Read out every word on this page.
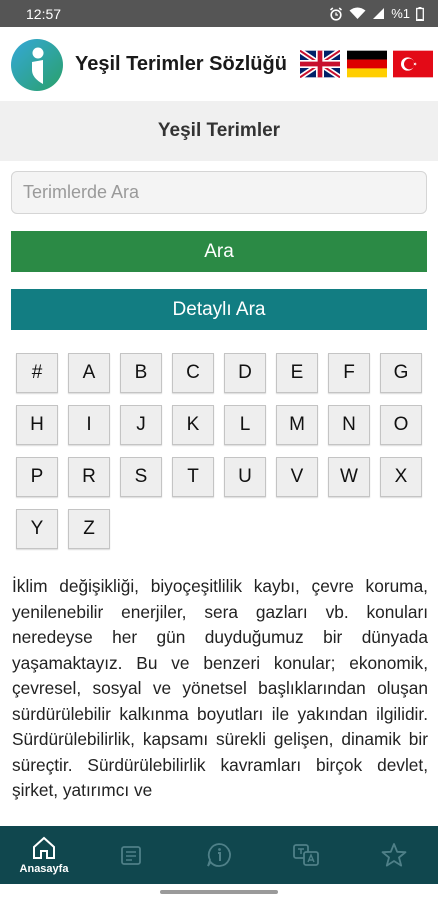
12:57	%1
Yeşil Terimler Sözlüğü
Yeşil Terimler
Terimlerde Ara
Ara
Detaylı Ara
#	A	B	C	D	E	F	G
H	I	J	K	L	M	N	O
P	R	S	T	U	V	W	X
Y	Z
İklim değişikliği, biyoçeşitlilik kaybı, çevre koruma, yenilenebilir enerjiler, sera gazları vb. konuları neredeyse her gün duyduğumuz bir dünyada yaşamaktayız. Bu ve benzeri konular; ekonomik, çevresel, sosyal ve yönetsel başlıklarından oluşan sürdürülebilir kalkınma boyutları ile yakından ilgilidir. Sürdürülebilirlik, kapsamı sürekli gelişen, dinamik bir süreçtir. Sürdürülebilirlik kavramları birçok devlet, şirket, yatırımcı ve
Anasayfa
